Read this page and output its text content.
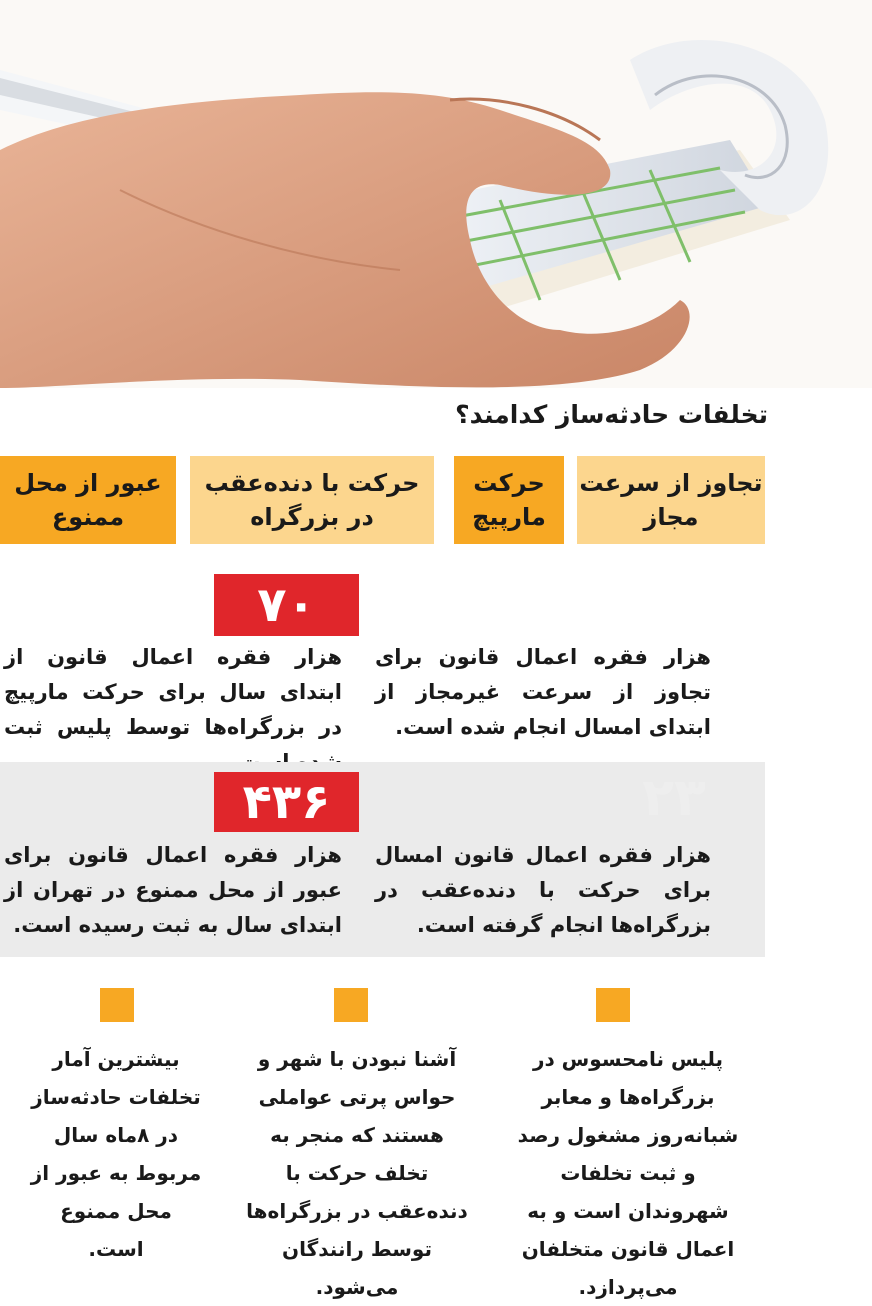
تخلفات حادثه‌ساز کدامند؟
تجاوز از سرعت مجاز
حرکت مارپیچ
حرکت با دنده‌عقب در بزرگراه
عبور از محل ممنوع
۷۰
هزار فقره اعمال قانون برای تجاوز از سرعت غیرمجاز از ابتدای امسال انجام شده است.
هزار فقره اعمال قانون از ابتدای سال برای حرکت مارپیچ در بزرگراه‌ها توسط پلیس ثبت
۲۳
۴۳۶
هزار فقره اعمال قانون امسال برای حرکت با دنده‌عقب در بزرگراه‌ها انجام گرفته است.
هزار فقره اعمال قانون برای عبور از محل ممنوع در تهران از ابتدای سال به ثبت رسیده است.
پلیس نامحسوس در بزرگراه‌ها و معابر شبانه‌روز مشغول رصد و ثبت تخلفات شهروندان است و به اعمال قانون متخلفان می‌پردازد.
آشنا نبودن با شهر و حواس پرتی عواملی هستند که منجر به تخلف حرکت با دنده‌عقب در بزرگراه‌ها توسط رانندگان می‌شود.
بیشترین آمار تخلفات حادثه‌ساز در ۸ماه سال مربوط به عبور از محل ممنوع است.
